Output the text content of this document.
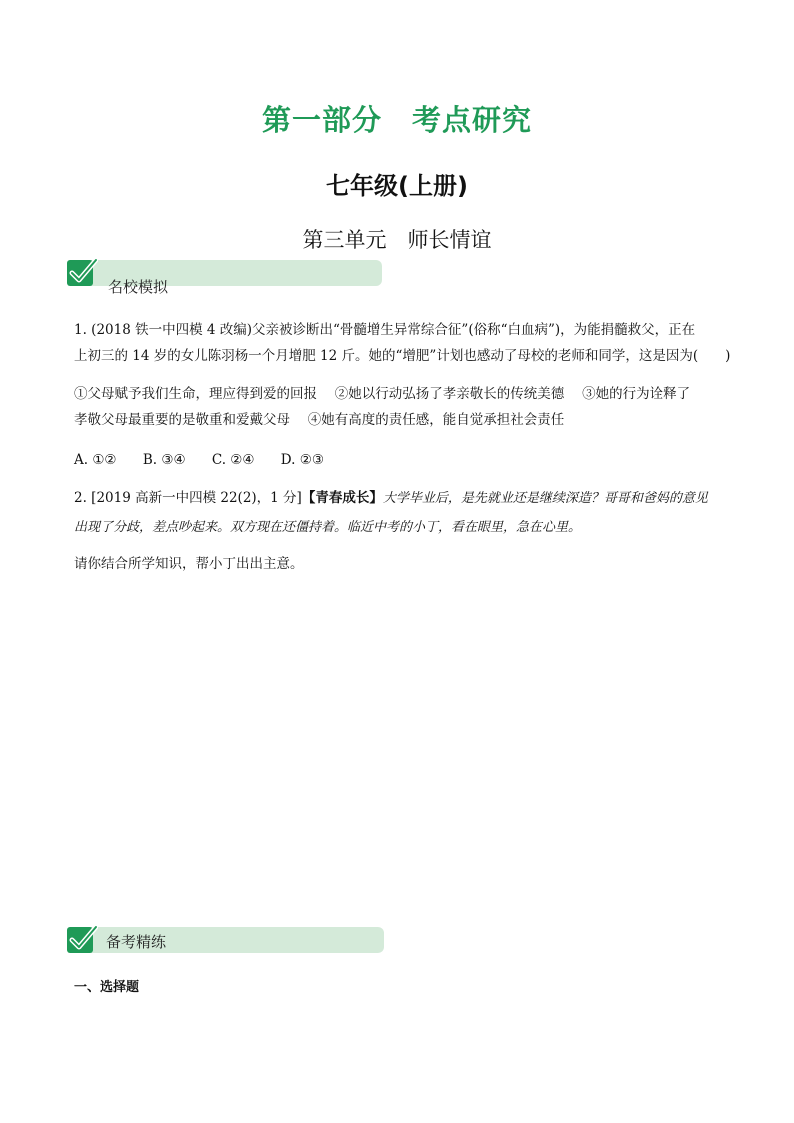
第一部分　考点研究
七年级(上册)
第三单元　师长情谊
名校模拟
1. (2018 铁一中四模 4 改编)父亲被诊断出“骨髓增生异常综合征”(俗称“白血病”)，为能捐髓救父，正在
上初三的 14 岁的女儿陈羽杨一个月增肥 12 斤。她的“增肥”计划也感动了母校的老师和同学，这是因为(　　)
①父母赋予我们生命，理应得到爱的回报　 ②她以行动弘扬了孝亲敬长的传统美德　 ③她的行为诠释了
孝敬父母最重要的是敬重和爱戴父母　 ④她有高度的责任感，能自觉承担社会责任
A. ①② B. ③④ C. ②④ D. ②③
2. [2019 高新一中四模 22(2)，1 分]【青春成长】大学毕业后，是先就业还是继续深造？哥哥和爸妈的意见
出现了分歧，差点吵起来。双方现在还僵持着。临近中考的小丁，看在眼里，急在心里。
请你结合所学知识，帮小丁出出主意。
备考精练
一、选择题
